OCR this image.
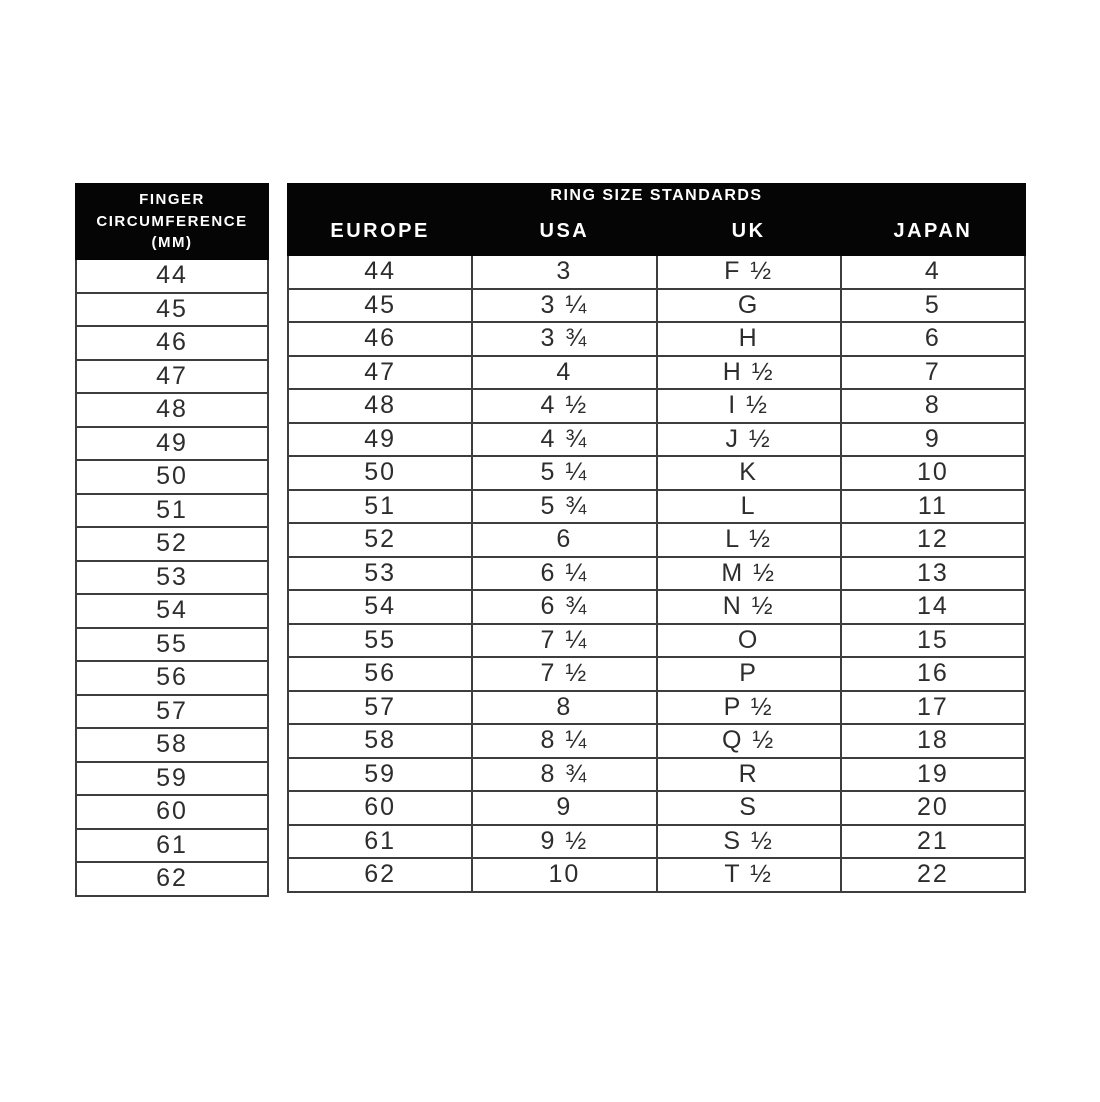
FINGER
CIRCUMFERENCE
(MM)

44
45
46
47
48
49
50
51
52
53
54
55
56
57
58
59
60
61
62
RING SIZE STANDARDS			
EUROPE	USA	UK	JAPAN
44	3	F ½	4
45	3 ¼	G	5
46	3 ¾	H	6
47	4	H ½	7
48	4 ½	I ½	8
49	4 ¾	J ½	9
50	5 ¼	K	10
51	5 ¾	L	11
52	6	L ½	12
53	6 ¼	M ½	13
54	6 ¾	N ½	14
55	7 ¼	O	15
56	7 ½	P	16
57	8	P ½	17
58	8 ¼	Q ½	18
59	8 ¾	R	19
60	9	S	20
61	9 ½	S ½	21
62	10	T ½	22
